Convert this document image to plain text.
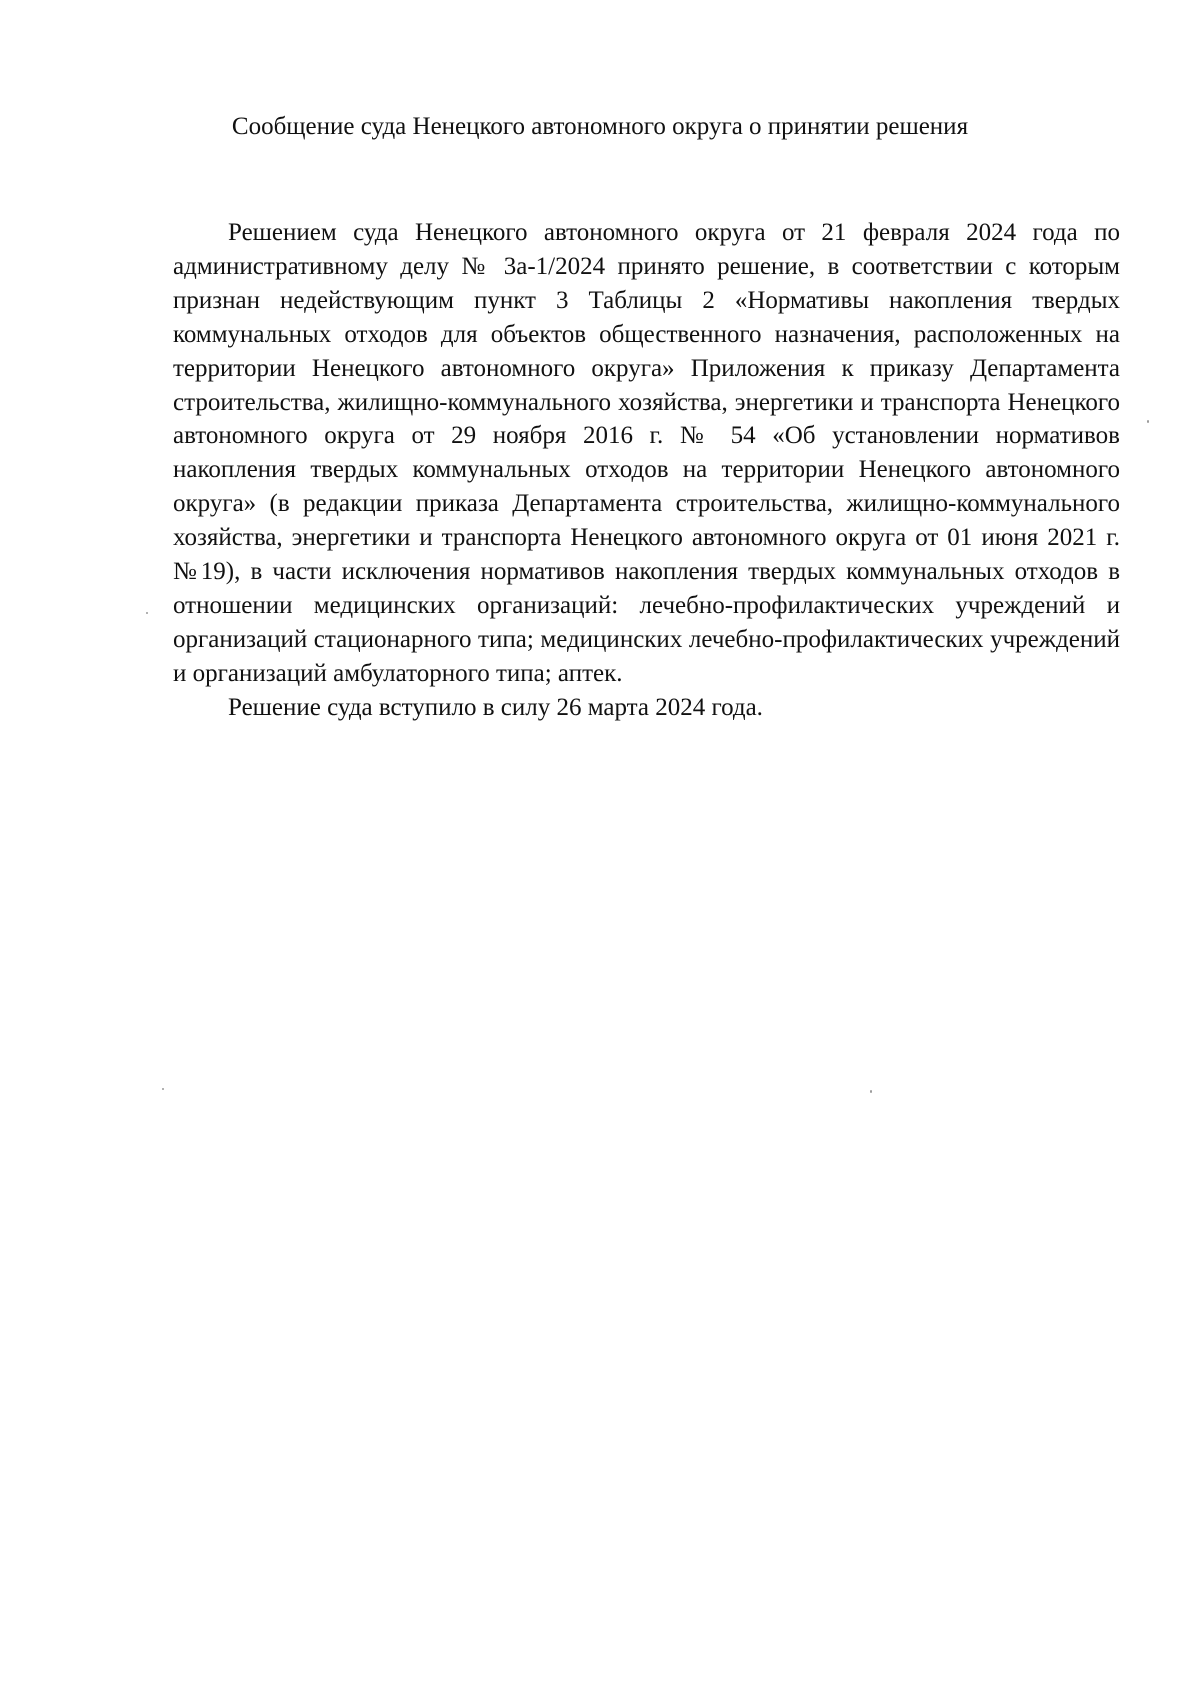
Сообщение суда Ненецкого автономного округа о принятии решения

Решением суда Ненецкого автономного округа от 21 февраля 2024 года по административному делу № 3а-1/2024 принято решение, в соответствии с которым признан недействующим пункт 3 Таблицы 2 «Нормативы накопления твердых коммунальных отходов для объектов общественного назначения, расположенных на территории Ненецкого автономного округа» Приложения к приказу Департамента строительства, жилищно-коммунального хозяйства, энергетики и транспорта Ненецкого автономного округа от 29 ноября 2016 г. № 54 «Об установлении нормативов накопления твердых коммунальных отходов на территории Ненецкого автономного округа» (в редакции приказа Департамента строительства, жилищно-коммунального хозяйства, энергетики и транспорта Ненецкого автономного округа от 01 июня 2021 г. №19), в части исключения нормативов накопления твердых коммунальных отходов в отношении медицинских организаций: лечебно-профилактических учреждений и организаций стационарного типа; медицинских лечебно-профилактических учреждений и организаций амбулаторного типа; аптек.

Решение суда вступило в силу 26 марта 2024 года.
